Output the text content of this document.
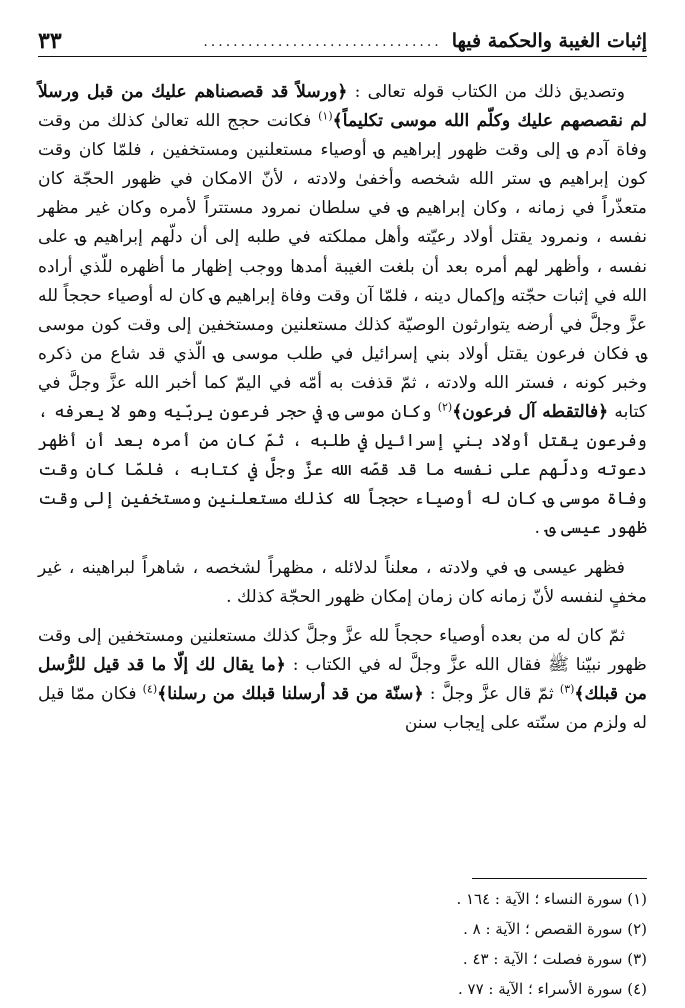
إثبات الغيبة والحكمة فيها
................................
٣٣

وتصديق ذلك من الكتاب قوله تعالى : ﴿ورسلاً قد قصصناهم عليك من قبل ورسلاً لم نقصصهم عليك وكلّم الله موسى تكليماً﴾$^{(١)}$ فكانت حجج الله تعالىٰ كذلك من وقت وفاة آدم ؈ إلى وقت ظهور إبراهيم ؈ أوصياء مستعلنين ومستخفين ، فلمّا كان وقت كون إبراهيم ؈ ستر الله شخصه وأخفىٰ ولادته ، لأنّ الامكان في ظهور الحجّة كان متعذّراً في زمانه ، وكان إبراهيم ؈ في سلطان نمرود مستتراً لأمره وكان غير مظهر نفسه ، ونمرود يقتل أولاد رعيّته وأهل مملكته في طلبه إلى أن دلّهم إبراهيم ؈ على نفسه ، وأظهر لهم أمره بعد أن بلغت الغيبة أمدها ووجب إظهار ما أظهره للّذي أراده الله في إثبات حجّته وإكمال دينه ، فلمّا آن وقت وفاة إبراهيم ؈ كان له أوصياء حججاً لله عزَّ وجلَّ في أرضه يتوارثون الوصيّة كذلك مستعلنين ومستخفين إلى وقت كون موسى ؈ فكان فرعون يقتل أولاد بني إسرائيل في طلب موسى ؈ الّذي قد شاع من ذكره وخبر كونه ، فستر الله ولادته ، ثمّ قذفت به أمّه في اليمّ كما أخبر الله عزَّ وجلَّ في كتابه ﴿فالتقطه آل فرعون﴾$^{(٢)}$ وكان موسى ؈ في حجر فرعون يربّيه وهو لا يعرفه ، وفرعون يقتل أولاد بني إسرائيل في طلبه ، ثمّ كان من أمره بعد أن أظهر دعوته ودلّهم على نفسه ما قد قصّه الله عزَّ وجلَّ في كتابه ، فلمّا كان وقت وفاة موسى ؈ كان له أوصياء حججاً لله كذلك مستعلنين ومستخفين إلى وقت ظهور عيسى ؈ .

فظهر عيسى ؈ في ولادته ، معلناً لدلائله ، مظهراً لشخصه ، شاهراً لبراهينه ، غير مخفٍ لنفسه لأنّ زمانه كان زمان إمكان ظهور الحجّة كذلك .

ثمّ كان له من بعده أوصياء حججاً لله عزَّ وجلَّ كذلك مستعلنين ومستخفين إلى وقت ظهور نبيّنا ﷺ فقال الله عزَّ وجلَّ له في الكتاب : ﴿ما يقال لك إلّا ما قد قيل للرُّسل من قبلك﴾$^{(٣)}$ ثمّ قال عزَّ وجلَّ : ﴿سنّة من قد أرسلنا قبلك من رسلنا﴾$^{(٤)}$ فكان ممّا قيل له ولزم من سنّته على إيجاب سنن

(١) سورة النساء ؛ الآية : ١٦٤ .
(٢) سورة القصص ؛ الآية : ٨ .
(٣) سورة فصلت ؛ الآية : ٤٣ .
(٤) سورة الأسراء ؛ الآية : ٧٧ .
